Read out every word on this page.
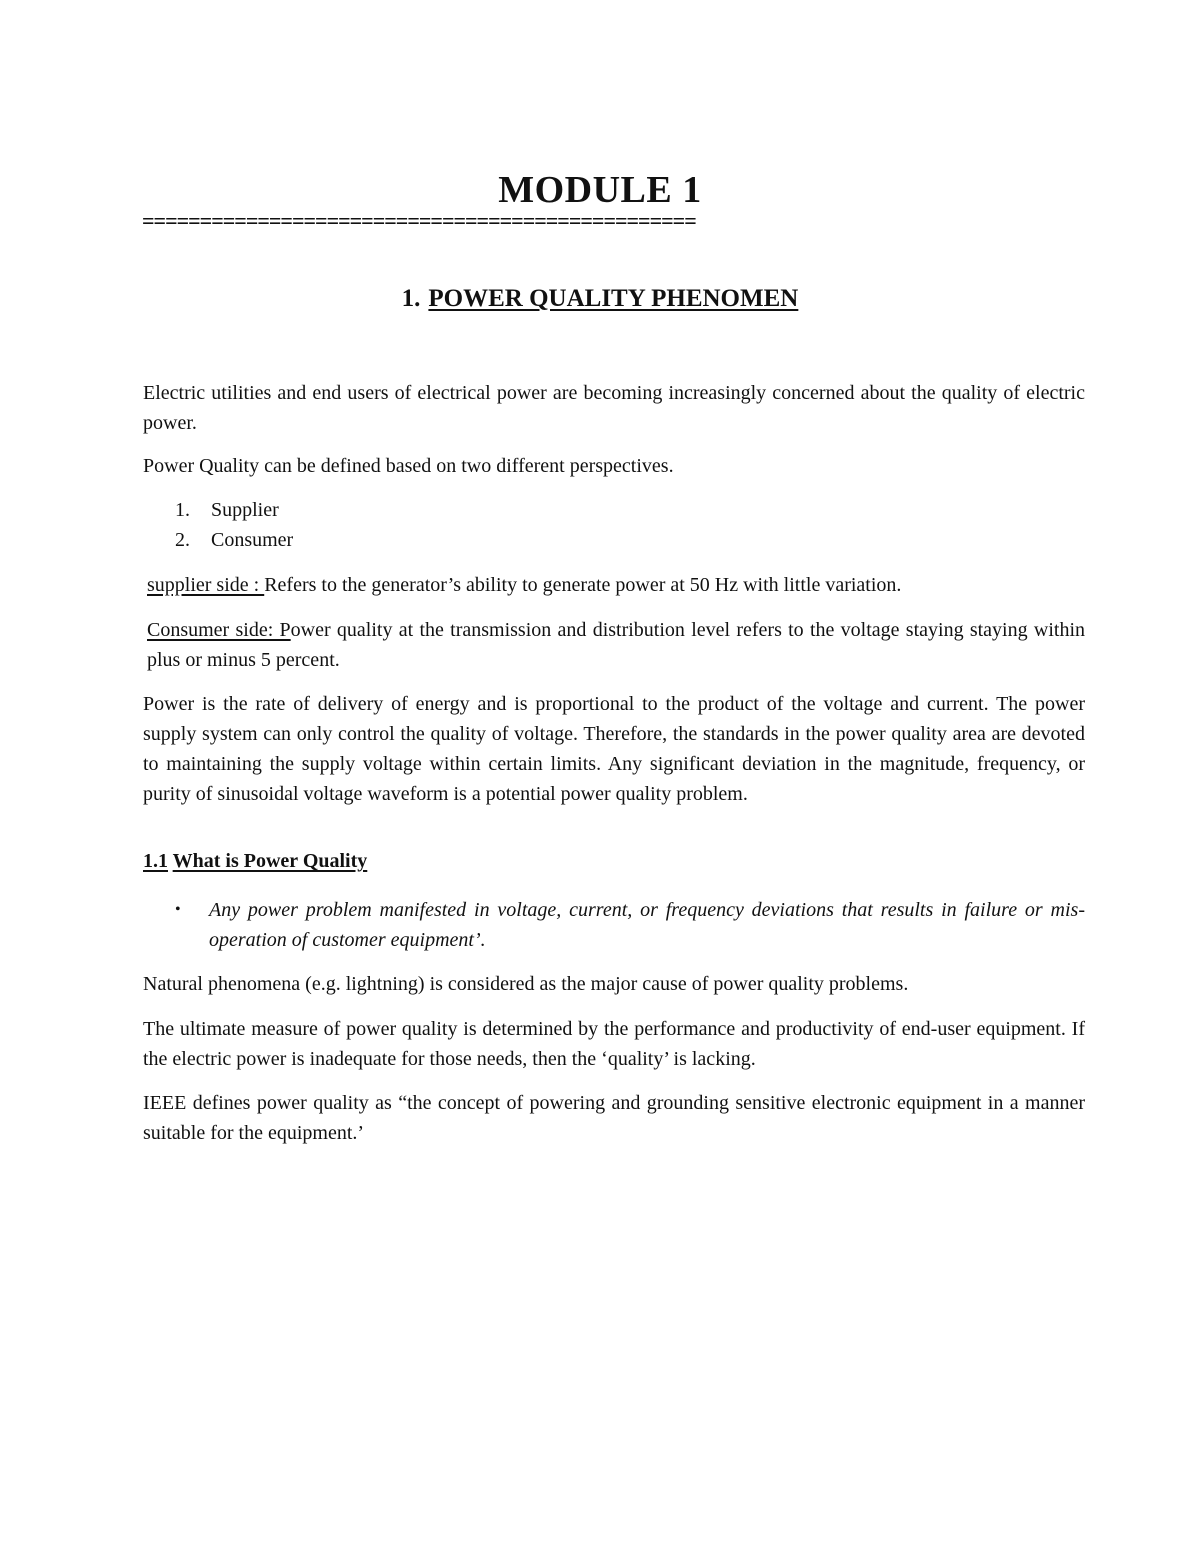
MODULE 1
================================================
1. POWER QUALITY PHENOMEN
Electric utilities and end users of electrical power are becoming increasingly concerned about the quality of electric power.
Power Quality can be defined based on two different perspectives.
1. Supplier
2. Consumer
supplier side : Refers to the generator’s ability to generate power at 50 Hz with little variation.
Consumer side: Power quality at the transmission and distribution level refers to the voltage staying staying within plus or minus 5 percent.
Power is the rate of delivery of energy and is proportional to the product of the voltage and current. The power supply system can only control the quality of voltage. Therefore, the standards in the power quality area are devoted to maintaining the supply voltage within certain limits. Any significant deviation in the magnitude, frequency, or purity of sinusoidal voltage waveform is a potential power quality problem.
1.1 What is Power Quality
• Any power problem manifested in voltage, current, or frequency deviations that results in failure or mis-operation of customer equipment’.
Natural phenomena (e.g. lightning) is considered as the major cause of power quality problems.
The ultimate measure of power quality is determined by the performance and productivity of end-user equipment. If the electric power is inadequate for those needs, then the ‘quality’ is lacking.
IEEE defines power quality as “the concept of powering and grounding sensitive electronic equipment in a manner suitable for the equipment.’
